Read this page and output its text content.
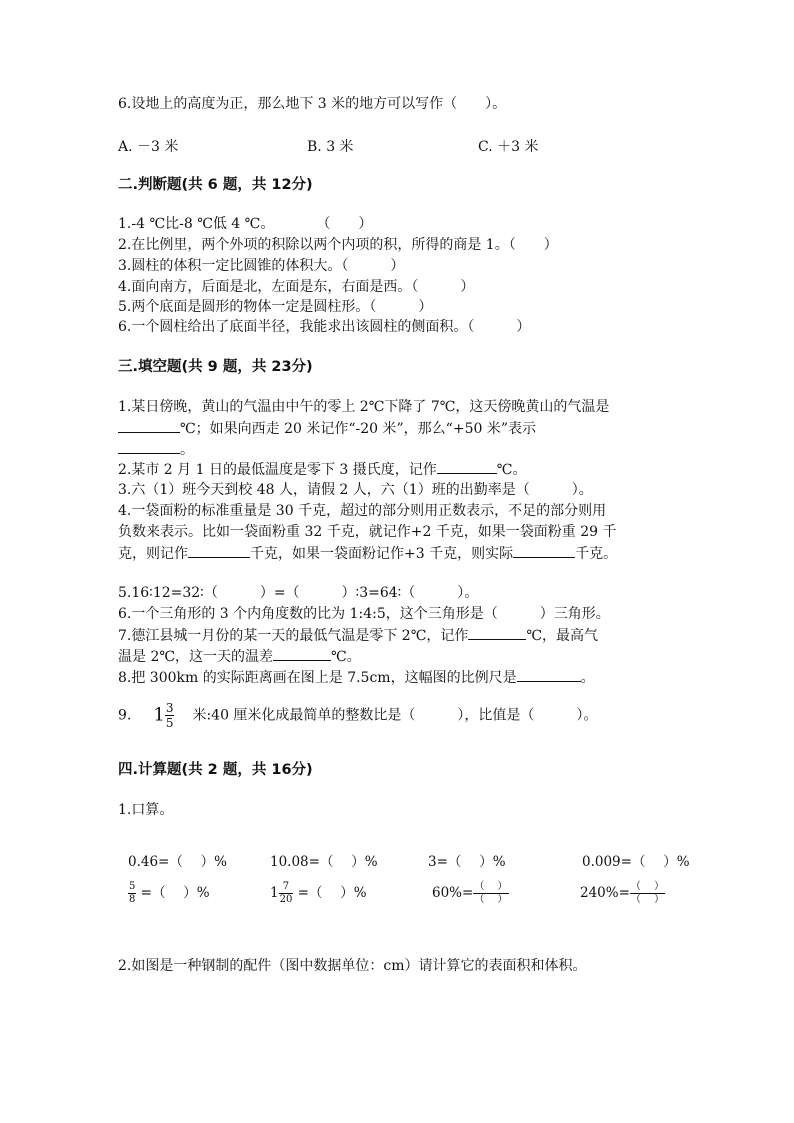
6.设地上的高度为正，那么地下 3 米的地方可以写作（　　）。
A. －3 米	B. 3 米	C. ＋3 米
二.判断题(共 6 题，共 12分)
1.-4 ℃比-8 ℃低 4 ℃。　　　　（　　）
2.在比例里，两个外项的积除以两个内项的积，所得的商是 1。（　　）
3.圆柱的体积一定比圆锥的体积大。（　　　）
4.面向南方，后面是北，左面是东，右面是西。（　　　）
5.两个底面是圆形的物体一定是圆柱形。（　　　）
6.一个圆柱给出了底面半径，我能求出该圆柱的侧面积。（　　　）
三.填空题(共 9 题，共 23分)
1.某日傍晚，黄山的气温由中午的零上 2℃下降了 7℃，这天傍晚黄山的气温是
℃；如果向西走 20 米记作“-20 米”，那么“+50 米”表示
。
2.某市 2 月 1 日的最低温度是零下 3 摄氏度，记作	℃。
3.六（1）班今天到校 48 人，请假 2 人，六（1）班的出勤率是（　　　）。
4.一袋面粉的标准重量是 30 千克，超过的部分则用正数表示，不足的部分则用
负数来表示。比如一袋面粉重 32 千克，就记作+2 千克，如果一袋面粉重 29 千
克，则记作	千克，如果一袋面粉记作+3 千克，则实际	千克。
5.16∶12=32∶（　　　）=（　　　）∶3=64∶（　　　）。
6.一个三角形的 3 个内角度数的比为 1:4:5，这个三角形是（　　　）三角形。
7.德江县城一月份的某一天的最低气温是零下 2℃，记作	℃，最高气
温是 2℃，这一天的温差	℃。
8.把 300km 的实际距离画在图上是 7.5cm，这幅图的比例尺是	。
9. $1 \frac{3}{5}$ 米:40 厘米化成最简单的整数比是（　　　），比值是（　　　）。
四.计算题(共 2 题，共 16分)
1.口算。
0.46=（　 ）%	10.08=（　 ）%	3=（　 ）%	0.009=（　 ）%
$\frac{5}{8}$ =（　 ）%	$1 \frac{7}{20}$ =（　 ）%	$60\%= \frac{( )}{( )}$	$240\%= \frac{( )}{( )}$
2.如图是一种钢制的配件（图中数据单位：cm）请计算它的表面积和体积。
